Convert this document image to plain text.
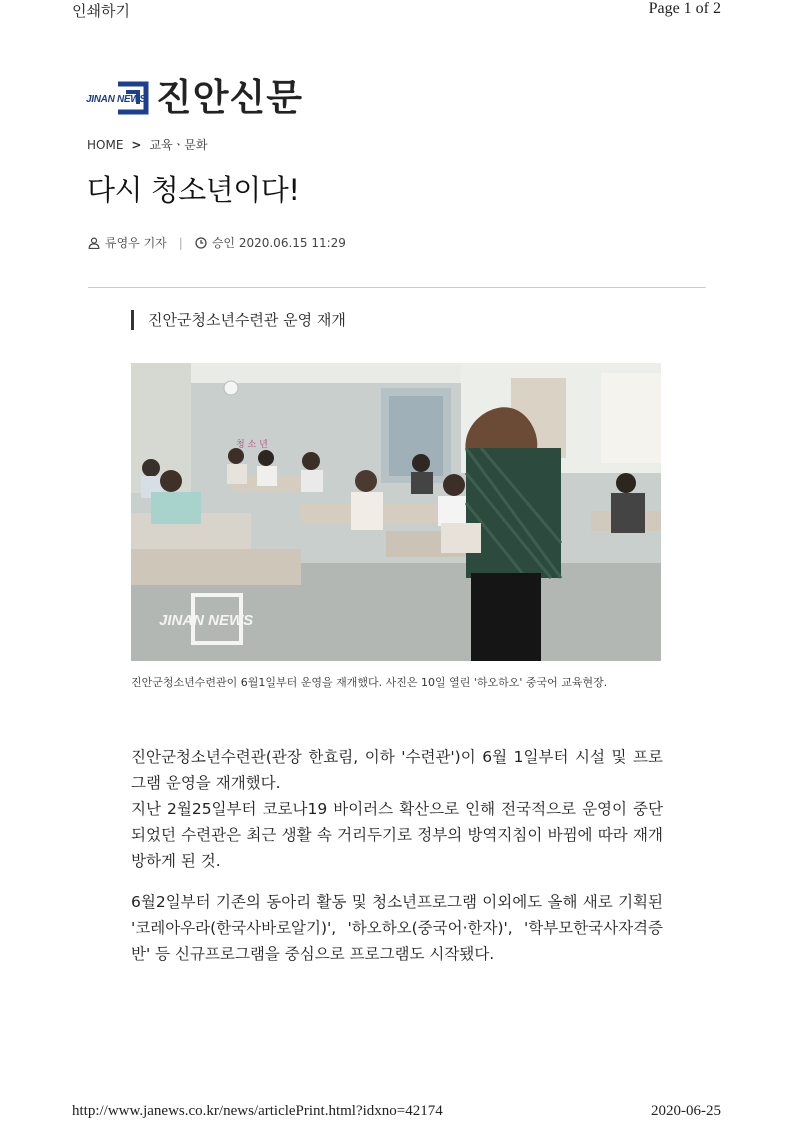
인쇄하기	Page 1 of 2
JINAN NEWS 진안신문
HOME > 교육ㆍ문화
다시 청소년이다!
류영우 기자 | 승인 2020.06.15 11:29
진안군청소년수련관 운영 재개
청 소 년
JINAN NEWS

진안군청소년수련관이 6월1일부터 운영을 재개했다. 사진은 10일 열린 '하오하오' 중국어 교육현장.

진안군청소년수련관(관장 한효림, 이하 '수련관')이 6월 1일부터 시설 및 프로그램 운영을 재개했다.
지난 2월25일부터 코로나19 바이러스 확산으로 인해 전국적으로 운영이 중단되었던 수련관은 최근 생활 속 거리두기로 정부의 방역지침이 바뀜에 따라 재개방하게 된 것.

6월2일부터 기존의 동아리 활동 및 청소년프로그램 이외에도 올해 새로 기획된 '코레아우라(한국사바로알기)', '하오하오(중국어·한자)', '학부모한국사자격증반' 등 신규프로그램을 중심으로 프로그램도 시작됐다.

http://www.janews.co.kr/news/articlePrint.html?idxno=42174	2020-06-25
